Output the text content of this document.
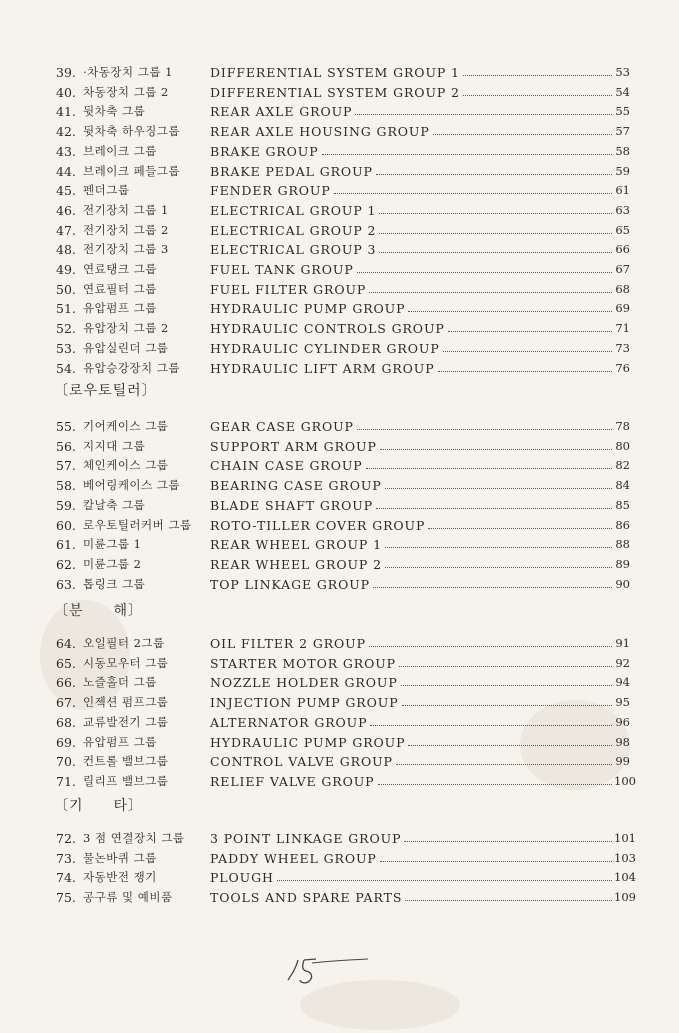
39. ·차동장치 그룹 1	DIFFERENTIAL SYSTEM GROUP 1	53
40. 차동장치 그룹 2	DIFFERENTIAL SYSTEM GROUP 2	54
41. 뒷차축 그룹	REAR AXLE GROUP	55
42. 뒷차축 하우징그룹	REAR AXLE HOUSING GROUP	57
43. 브레이크 그룹	BRAKE GROUP	58
44. 브레이크 페들그룹	BRAKE PEDAL GROUP	59
45. 펜더그룹	FENDER GROUP	61
46. 전기장치 그룹 1	ELECTRICAL GROUP 1	63
47. 전기장치 그룹 2	ELECTRICAL GROUP 2	65
48. 전기장치 그룹 3	ELECTRICAL GROUP 3	66
49. 연료탱크 그룹	FUEL TANK GROUP	67
50. 연료필터 그룹	FUEL FILTER GROUP	68
51. 유압펌프 그룹	HYDRAULIC PUMP GROUP	69
52. 유압장치 그룹 2	HYDRAULIC CONTROLS GROUP	71
53. 유압실린더 그룹	HYDRAULIC CYLINDER GROUP	73
54. 유압승강장치 그룹	HYDRAULIC LIFT ARM GROUP	76
〔로우토틸러〕
55. 기어케이스 그룹	GEAR CASE GROUP	78
56. 지지대 그룹	SUPPORT ARM GROUP	80
57. 체인케이스 그룹	CHAIN CASE GROUP	82
58. 베어링케이스 그룹	BEARING CASE GROUP	84
59. 칼날축 그룹	BLADE SHAFT GROUP	85
60. 로우토틸러커버 그룹	ROTO-TILLER COVER GROUP	86
61. 미륜그룹 1	REAR WHEEL GROUP 1	88
62. 미륜그룹 2	REAR WHEEL GROUP 2	89
63. 톱링크 그룹	TOP LINKAGE GROUP	90
〔분　　해〕
64. 오일필터 2그룹	OIL FILTER 2 GROUP	91
65. 시동모우터 그룹	STARTER MOTOR GROUP	92
66. 노즐홀더 그룹	NOZZLE HOLDER GROUP	94
67. 인젝션 펌프그룹	INJECTION PUMP GROUP	95
68. 교류발전기 그룹	ALTERNATOR GROUP	96
69. 유압펌프 그룹	HYDRAULIC PUMP GROUP	98
70. 컨트롤 밸브그룹	CONTROL VALVE GROUP	99
71. 릴리프 밸브그룹	RELIEF VALVE GROUP	100
〔기　　타〕
72. 3 점 연결장치 그룹	3 POINT LINKAGE GROUP	101
73. 물논바퀴 그룹	PADDY WHEEL GROUP	103
74. 자동반전 쟁기	PLOUGH	104
75. 공구류 및 예비품	TOOLS AND SPARE PARTS	109
